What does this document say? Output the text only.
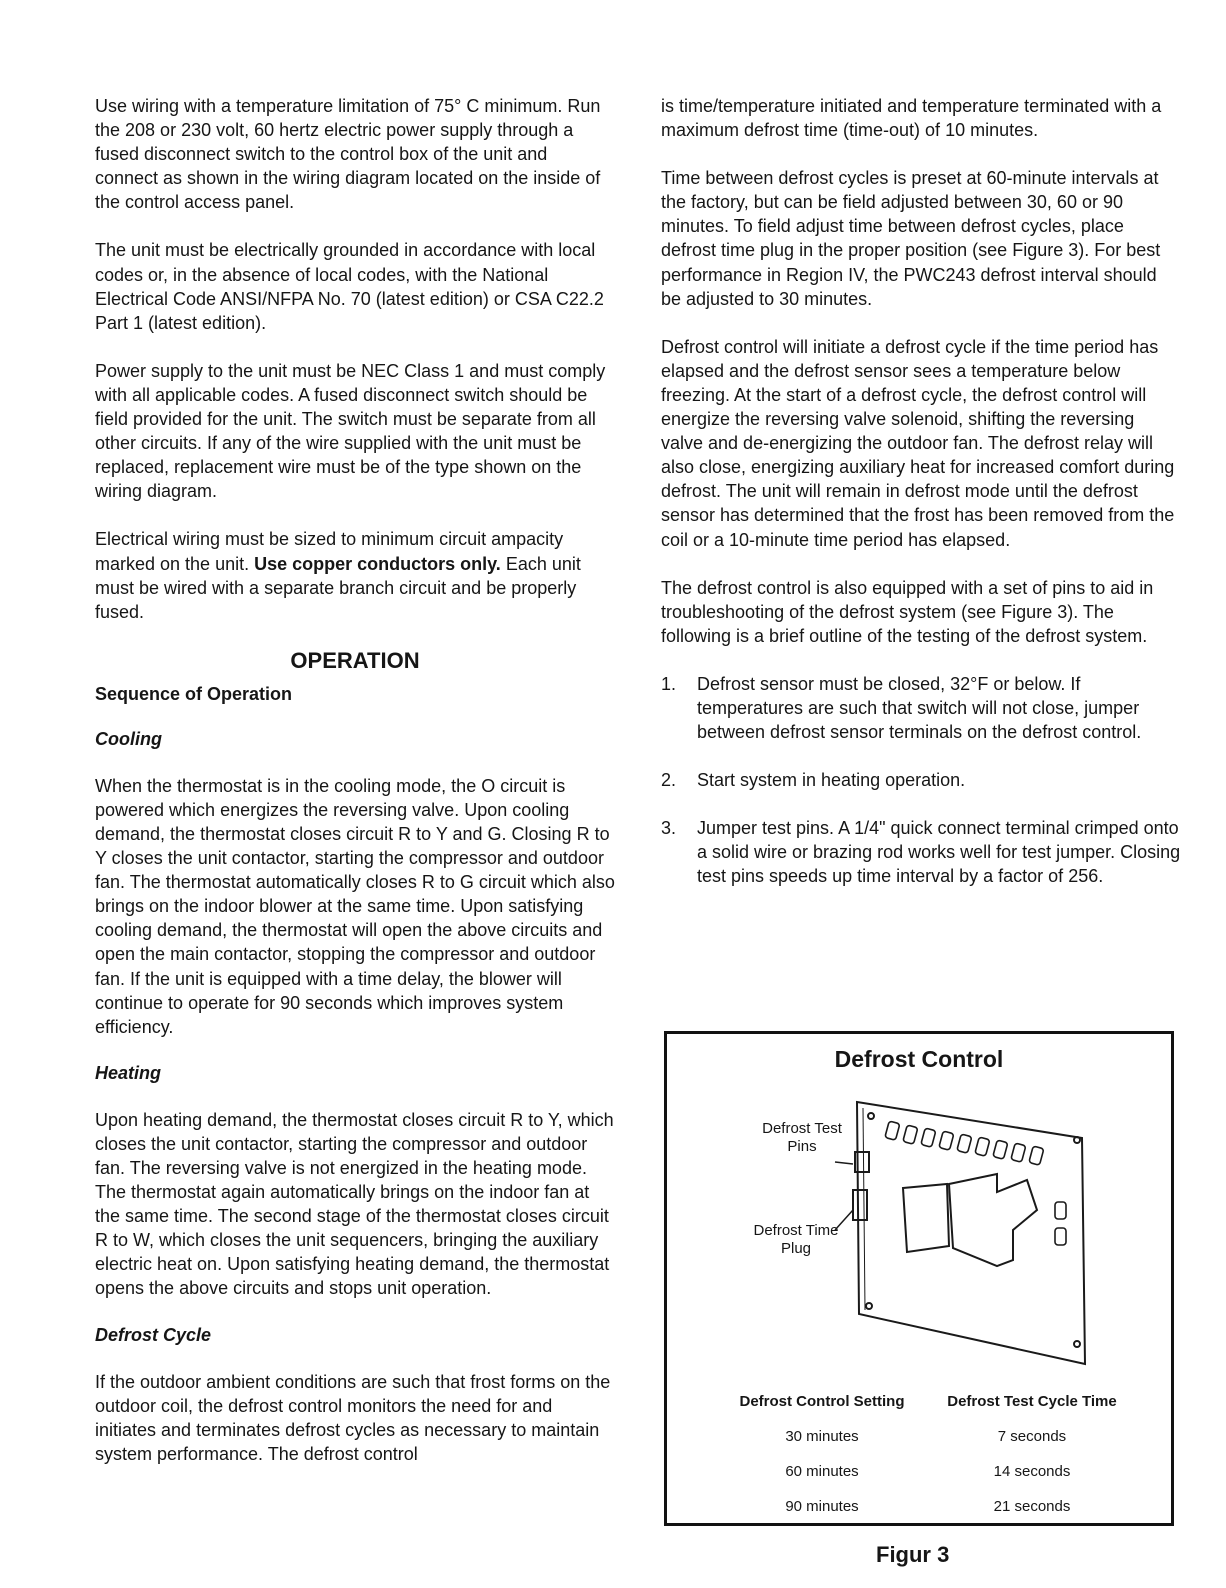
Use wiring with a temperature limitation of 75° C minimum. Run the 208 or 230 volt, 60 hertz electric power supply through a fused disconnect switch to the control box of the unit and connect as shown in the wiring diagram located on the inside of the control access panel.

The unit must be electrically grounded in accordance with local codes or, in the absence of local codes, with the National Electrical Code ANSI/NFPA No. 70 (latest edition) or CSA C22.2 Part 1 (latest edition).

Power supply to the unit must be NEC Class 1 and must comply with all applicable codes. A fused disconnect switch should be field provided for the unit. The switch must be separate from all other circuits. If any of the wire supplied with the unit must be replaced, replacement wire must be of the type shown on the wiring diagram.

Electrical wiring must be sized to minimum circuit ampacity marked on the unit. Use copper conductors only. Each unit must be wired with a separate branch circuit and be properly fused.

OPERATION
Sequence of Operation
Cooling

When the thermostat is in the cooling mode, the O circuit is powered which energizes the reversing valve. Upon cooling demand, the thermostat closes circuit R to Y and G. Closing R to Y closes the unit contactor, starting the compressor and outdoor fan. The thermostat automatically closes R to G circuit which also brings on the indoor blower at the same time. Upon satisfying cooling demand, the thermostat will open the above circuits and open the main contactor, stopping the compressor and outdoor fan. If the unit is equipped with a time delay, the blower will continue to operate for 90 seconds which improves system efficiency.

Heating

Upon heating demand, the thermostat closes circuit R to Y, which closes the unit contactor, starting the compressor and outdoor fan. The reversing valve is not energized in the heating mode. The thermostat again automatically brings on the indoor fan at the same time. The second stage of the thermostat closes circuit R to W, which closes the unit sequencers, bringing the auxiliary electric heat on. Upon satisfying heating demand, the thermostat opens the above circuits and stops unit operation.

Defrost Cycle

If the outdoor ambient conditions are such that frost forms on the outdoor coil, the defrost control monitors the need for and initiates and terminates defrost cycles as necessary to maintain system performance. The defrost control

is time/temperature initiated and temperature terminated with a maximum defrost time (time-out) of 10 minutes.

Time between defrost cycles is preset at 60-minute intervals at the factory, but can be field adjusted between 30, 60 or 90 minutes. To field adjust time between defrost cycles, place defrost time plug in the proper position (see Figure 3). For best performance in Region IV, the PWC243 defrost interval should be adjusted to 30 minutes.

Defrost control will initiate a defrost cycle if the time period has elapsed and the defrost sensor sees a temperature below freezing. At the start of a defrost cycle, the defrost control will energize the reversing valve solenoid, shifting the reversing valve and de-energizing the outdoor fan. The defrost relay will also close, energizing auxiliary heat for increased comfort during defrost. The unit will remain in defrost mode until the defrost sensor has determined that the frost has been removed from the coil or a 10-minute time period has elapsed.

The defrost control is also equipped with a set of pins to aid in troubleshooting of the defrost system (see Figure 3). The following is a brief outline of the testing of the defrost system.

1.	Defrost sensor must be closed, 32°F or below. If temperatures are such that switch will not close, jumper between defrost sensor terminals on the defrost control.
2.	Start system in heating operation.
3.	Jumper test pins. A 1/4" quick connect terminal crimped onto a solid wire or brazing rod works well for test jumper. Closing test pins speeds up time interval by a factor of 256.
Defrost Control
Defrost Test Pins
Defrost Time Plug
Defrost Control Setting	Defrost Test Cycle Time
30 minutes	7 seconds
60 minutes	14 seconds
90 minutes	21 seconds
Figur 3
